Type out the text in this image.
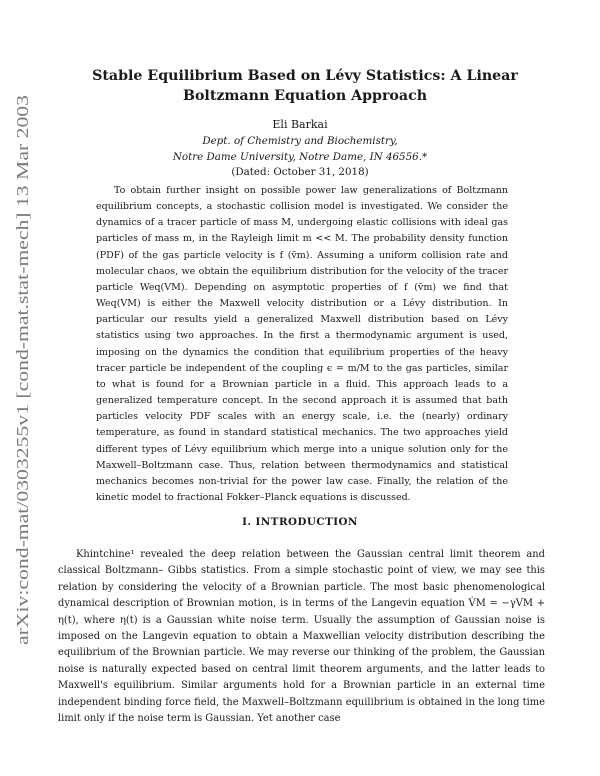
arXiv:cond-mat/0303255v1 [cond-mat.stat-mech] 13 Mar 2003
Stable Equilibrium Based on Lévy Statistics: A Linear
Boltzmann Equation Approach
Eli Barkai
Dept. of Chemistry and Biochemistry,
Notre Dame University, Notre Dame, IN 46556.*
(Dated: October 31, 2018)

To obtain further insight on possible power law generalizations of Boltzmann equilibrium concepts, a stochastic collision model is investigated. We consider the dynamics of a tracer particle of mass M, undergoing elastic collisions with ideal gas particles of mass m, in the Rayleigh limit m << M. The probability density function (PDF) of the gas particle velocity is f (v̄m). Assuming a uniform collision rate and molecular chaos, we obtain the equilibrium distribution for the velocity of the tracer particle Weq(VM). Depending on asymptotic properties of f (v̄m) we find that Weq(VM) is either the Maxwell velocity distribution or a Lévy distribution. In particular our results yield a generalized Maxwell distribution based on Lévy statistics using two approaches. In the first a thermodynamic argument is used, imposing on the dynamics the condition that equilibrium properties of the heavy tracer particle be independent of the coupling ϵ = m/M to the gas particles, similar to what is found for a Brownian particle in a fluid. This approach leads to a generalized temperature concept. In the second approach it is assumed that bath particles velocity PDF scales with an energy scale, i.e. the (nearly) ordinary temperature, as found in standard statistical mechanics. The two approaches yield different types of Lévy equilibrium which merge into a unique solution only for the Maxwell–Boltzmann case. Thus, relation between thermodynamics and statistical mechanics becomes non-trivial for the power law case. Finally, the relation of the kinetic model to fractional Fokker–Planck equations is discussed.

I. INTRODUCTION

Khintchine¹ revealed the deep relation between the Gaussian central limit theorem and classical Boltzmann– Gibbs statistics. From a simple stochastic point of view, we may see this relation by considering the velocity of a Brownian particle. The most basic phenomenological dynamical description of Brownian motion, is in terms of the Langevin equation V̇M = −γVM + η(t), where η(t) is a Gaussian white noise term. Usually the assumption of Gaussian noise is imposed on the Langevin equation to obtain a Maxwellian velocity distribution describing the equilibrium of the Brownian particle. We may reverse our thinking of the problem, the Gaussian noise is naturally expected based on central limit theorem arguments, and the latter leads to Maxwell's equilibrium. Similar arguments hold for a Brownian particle in an external time independent binding force field, the Maxwell–Boltzmann equilibrium is obtained in the long time limit only if the noise term is Gaussian. Yet another case
